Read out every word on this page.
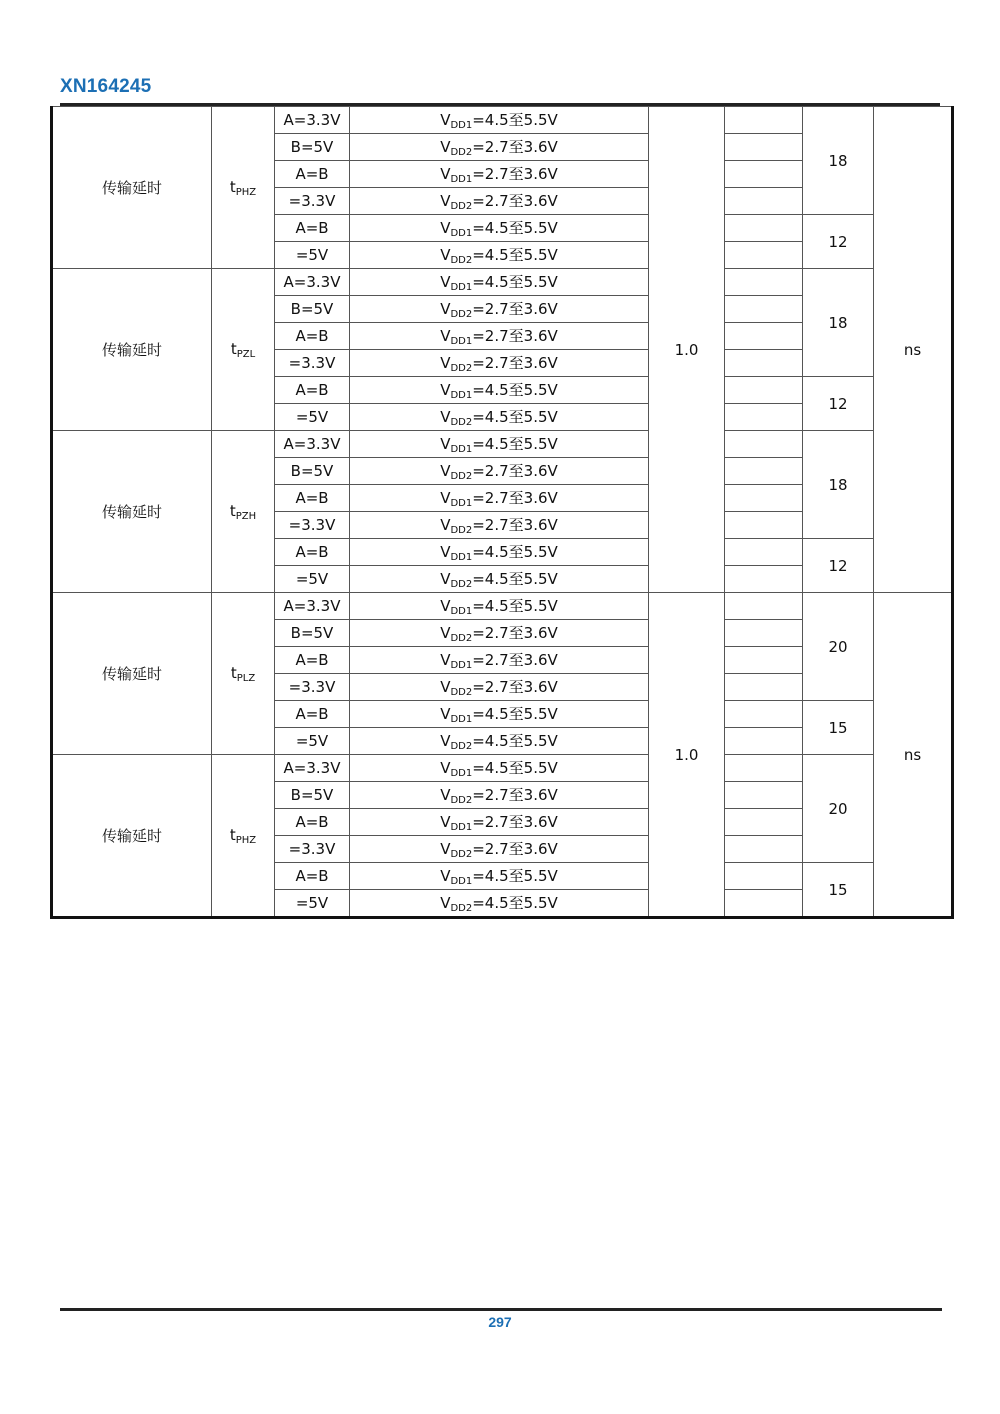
XN164245
传输延时	$t_{PHZ}$	A=3.3V	$V_{DD1}=4.5$至5.5V	1.0		18	ns
		B=5V	$V_{DD2}=2.7$至3.6V				
		A=B	$V_{DD1}=2.7$至3.6V				
		=3.3V	$V_{DD2}=2.7$至3.6V				
		A=B	$V_{DD1}=4.5$至5.5V			12	
		=5V	$V_{DD2}=4.5$至5.5V				
传输延时	$t_{PZL}$	A=3.3V	$V_{DD1}=4.5$至5.5V			18	
		B=5V	$V_{DD2}=2.7$至3.6V				
		A=B	$V_{DD1}=2.7$至3.6V				
		=3.3V	$V_{DD2}=2.7$至3.6V				
		A=B	$V_{DD1}=4.5$至5.5V			12	
		=5V	$V_{DD2}=4.5$至5.5V				
传输延时	$t_{PZH}$	A=3.3V	$V_{DD1}=4.5$至5.5V			18	
		B=5V	$V_{DD2}=2.7$至3.6V				
		A=B	$V_{DD1}=2.7$至3.6V				
		=3.3V	$V_{DD2}=2.7$至3.6V				
		A=B	$V_{DD1}=4.5$至5.5V			12	
		=5V	$V_{DD2}=4.5$至5.5V				
传输延时	$t_{PLZ}$	A=3.3V	$V_{DD1}=4.5$至5.5V	1.0		20	ns
		B=5V	$V_{DD2}=2.7$至3.6V				
		A=B	$V_{DD1}=2.7$至3.6V				
		=3.3V	$V_{DD2}=2.7$至3.6V				
		A=B	$V_{DD1}=4.5$至5.5V			15	
		=5V	$V_{DD2}=4.5$至5.5V				
传输延时	$t_{PHZ}$	A=3.3V	$V_{DD1}=4.5$至5.5V			20	
		B=5V	$V_{DD2}=2.7$至3.6V				
		A=B	$V_{DD1}=2.7$至3.6V				
		=3.3V	$V_{DD2}=2.7$至3.6V				
		A=B	$V_{DD1}=4.5$至5.5V			15	
		=5V	$V_{DD2}=4.5$至5.5V				
297
